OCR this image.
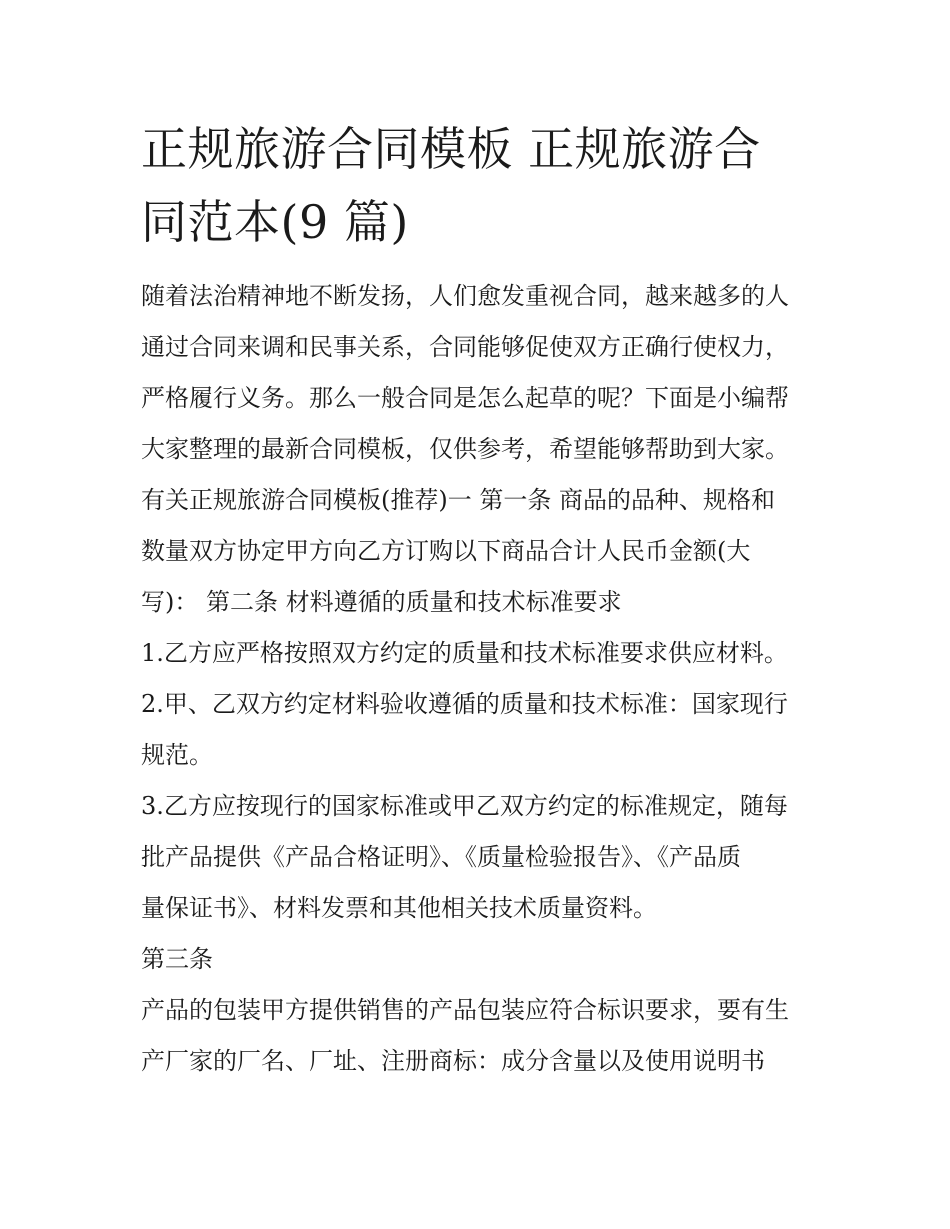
正规旅游合同模板 正规旅游合
同范本(9 篇)
随着法治精神地不断发扬，人们愈发重视合同，越来越多的人
通过合同来调和民事关系，合同能够促使双方正确行使权力，
严格履行义务。那么一般合同是怎么起草的呢？下面是小编帮
大家整理的最新合同模板，仅供参考，希望能够帮助到大家。
有关正规旅游合同模板(推荐)一 第一条 商品的品种、规格和
数量双方协定甲方向乙方订购以下商品合计人民币金额(大
写)： 第二条 材料遵循的质量和技术标准要求
1.乙方应严格按照双方约定的质量和技术标准要求供应材料。
2.甲、乙双方约定材料验收遵循的质量和技术标准：国家现行
规范。
3.乙方应按现行的国家标准或甲乙双方约定的标准规定，随每
批产品提供《产品合格证明》、《质量检验报告》、《产品质
量保证书》、材料发票和其他相关技术质量资料。
第三条
产品的包装甲方提供销售的产品包装应符合标识要求，要有生
产厂家的厂名、厂址、注册商标：成分含量以及使用说明书
